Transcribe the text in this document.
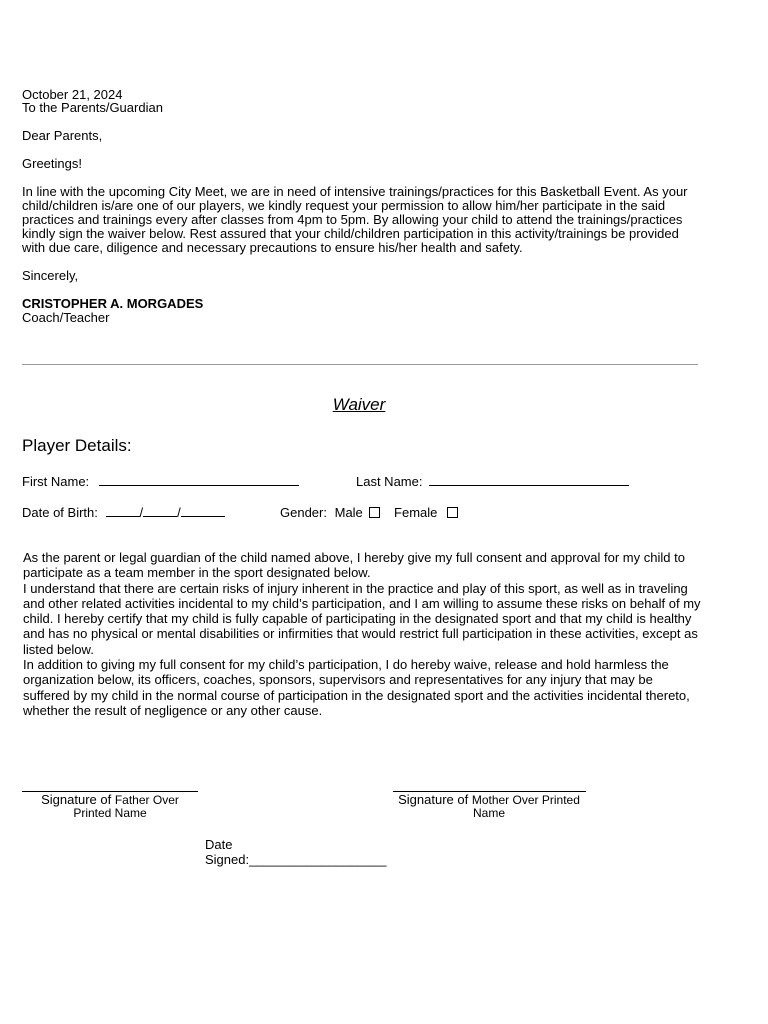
October 21, 2024
To the Parents/Guardian
Dear Parents,
Greetings!
In line with the upcoming City Meet, we are in need of intensive trainings/practices for this Basketball Event. As your
child/children is/are one of our players, we kindly request your permission to allow him/her participate in the said
practices and trainings every after classes from 4pm to 5pm. By allowing your child to attend the trainings/practices
kindly sign the waiver below. Rest assured that your child/children participation in this activity/trainings be provided
with due care, diligence and necessary precautions to ensure his/her health and safety.
Sincerely,
CRISTOPHER A. MORGADES
Coach/Teacher
Waiver
Player Details:
First Name:	Last Name:
Date of Birth:	/	/	Gender: Male Female
As the parent or legal guardian of the child named above, I hereby give my full consent and approval for my child to
participate as a team member in the sport designated below.
I understand that there are certain risks of injury inherent in the practice and play of this sport, as well as in traveling
and other related activities incidental to my child’s participation, and I am willing to assume these risks on behalf of my
child. I hereby certify that my child is fully capable of participating in the designated sport and that my child is healthy
and has no physical or mental disabilities or infirmities that would restrict full participation in these activities, except as
listed below.
In addition to giving my full consent for my child’s participation, I do hereby waive, release and hold harmless the
organization below, its officers, coaches, sponsors, supervisors and representatives for any injury that may be
suffered by my child in the normal course of participation in the designated sport and the activities incidental thereto,
whether the result of negligence or any other cause.
Signature of Father Over
Printed Name
Signature of Mother Over Printed
Name
Date
Signed:___________________
